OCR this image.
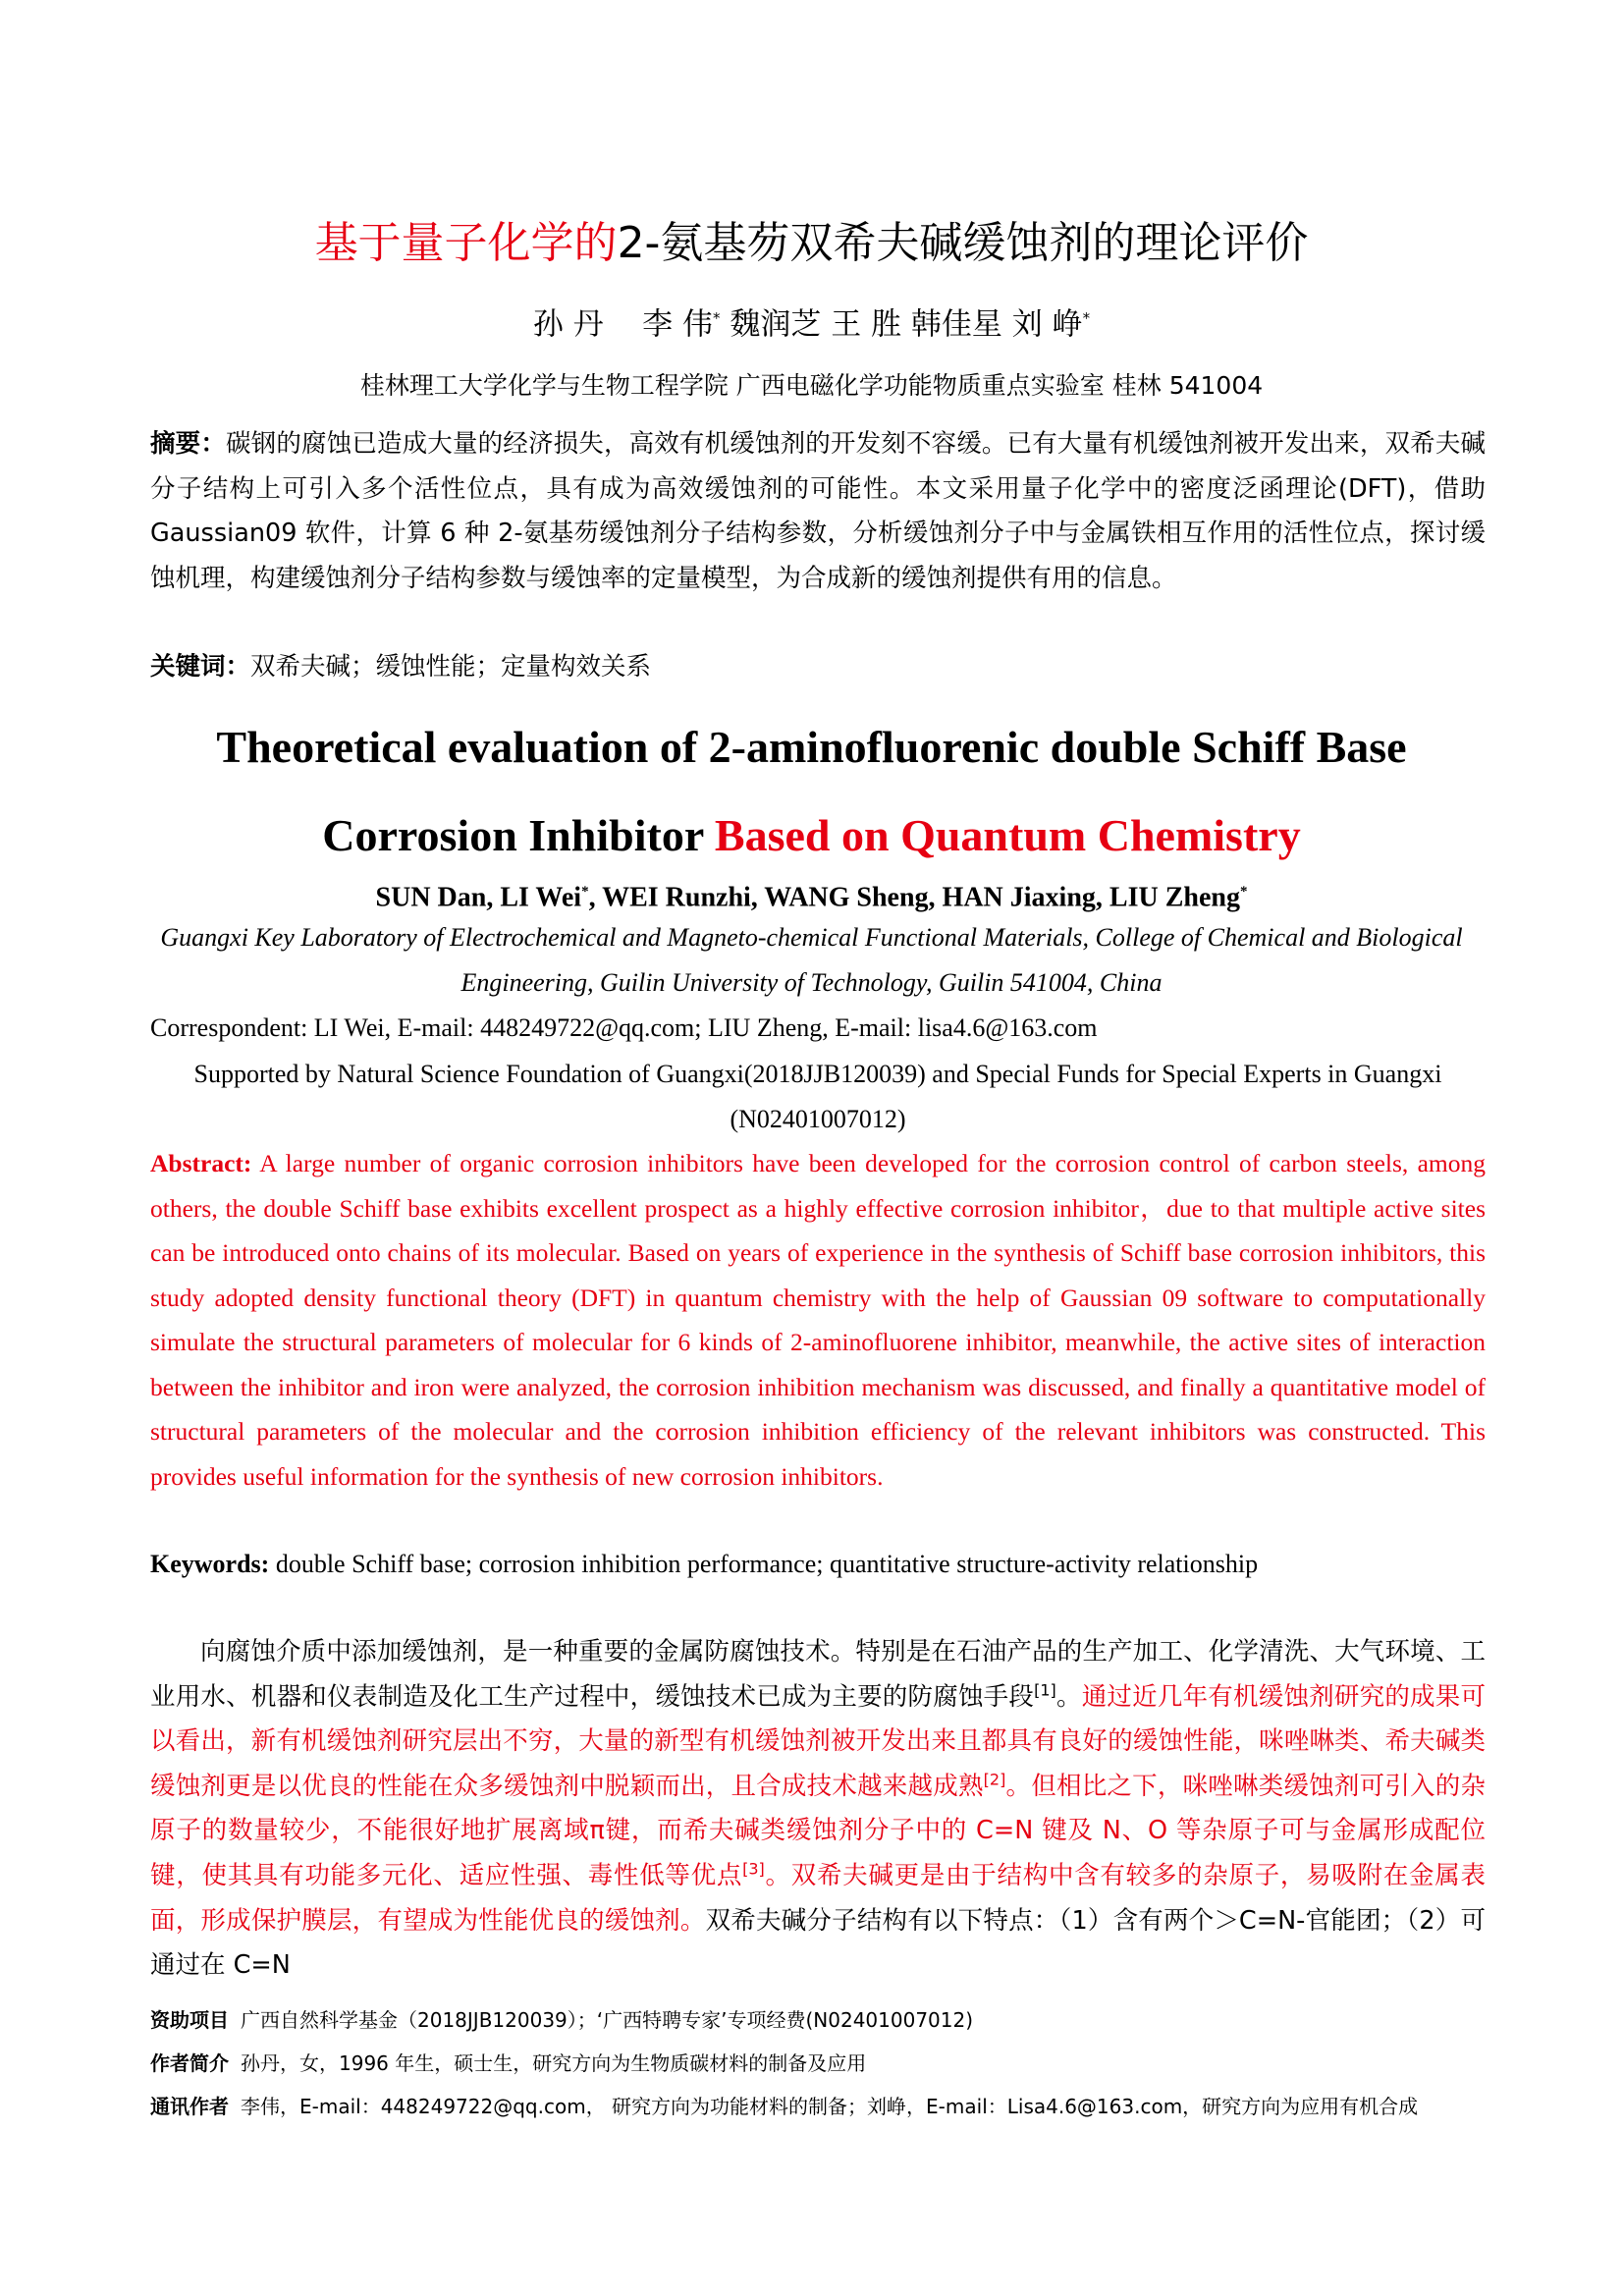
基于量子化学的2-氨基芴双希夫碱缓蚀剂的理论评价
孙 丹 李 伟* 魏润芝 王 胜 韩佳星 刘 峥*
桂林理工大学化学与生物工程学院 广西电磁化学功能物质重点实验室 桂林 541004
摘要：碳钢的腐蚀已造成大量的经济损失，高效有机缓蚀剂的开发刻不容缓。已有大量有机缓蚀剂被开发出来，双希夫碱分子结构上可引入多个活性位点，具有成为高效缓蚀剂的可能性。本文采用量子化学中的密度泛函理论(DFT)，借助 Gaussian09 软件，计算 6 种 2-氨基芴缓蚀剂分子结构参数，分析缓蚀剂分子中与金属铁相互作用的活性位点，探讨缓蚀机理，构建缓蚀剂分子结构参数与缓蚀率的定量模型，为合成新的缓蚀剂提供有用的信息。
关键词：双希夫碱；缓蚀性能；定量构效关系
Theoretical evaluation of 2-aminofluorenic double Schiff Base
Corrosion Inhibitor Based on Quantum Chemistry
SUN Dan, LI Wei*, WEI Runzhi, WANG Sheng, HAN Jiaxing, LIU Zheng*
Guangxi Key Laboratory of Electrochemical and Magneto-chemical Functional Materials, College of Chemical and Biological Engineering, Guilin University of Technology, Guilin 541004, China
Correspondent: LI Wei, E-mail: 448249722@qq.com; LIU Zheng, E-mail: lisa4.6@163.com
Supported by Natural Science Foundation of Guangxi(2018JJB120039) and Special Funds for Special Experts in Guangxi (N02401007012)
Abstract: A large number of organic corrosion inhibitors have been developed for the corrosion control of carbon steels, among others, the double Schiff base exhibits excellent prospect as a highly effective corrosion inhibitor，due to that multiple active sites can be introduced onto chains of its molecular. Based on years of experience in the synthesis of Schiff base corrosion inhibitors, this study adopted density functional theory (DFT) in quantum chemistry with the help of Gaussian 09 software to computationally simulate the structural parameters of molecular for 6 kinds of 2-aminofluorene inhibitor, meanwhile, the active sites of interaction between the inhibitor and iron were analyzed, the corrosion inhibition mechanism was discussed, and finally a quantitative model of structural parameters of the molecular and the corrosion inhibition efficiency of the relevant inhibitors was constructed. This provides useful information for the synthesis of new corrosion inhibitors.
Keywords: double Schiff base; corrosion inhibition performance; quantitative structure-activity relationship
向腐蚀介质中添加缓蚀剂，是一种重要的金属防腐蚀技术。特别是在石油产品的生产加工、化学清洗、大气环境、工业用水、机器和仪表制造及化工生产过程中，缓蚀技术已成为主要的防腐蚀手段[1]。通过近几年有机缓蚀剂研究的成果可以看出，新有机缓蚀剂研究层出不穷，大量的新型有机缓蚀剂被开发出来且都具有良好的缓蚀性能，咪唑啉类、希夫碱类缓蚀剂更是以优良的性能在众多缓蚀剂中脱颖而出，且合成技术越来越成熟[2]。但相比之下，咪唑啉类缓蚀剂可引入的杂原子的数量较少，不能很好地扩展离域π键，而希夫碱类缓蚀剂分子中的 C=N 键及 N、O 等杂原子可与金属形成配位键，使其具有功能多元化、适应性强、毒性低等优点[3]。双希夫碱更是由于结构中含有较多的杂原子，易吸附在金属表面，形成保护膜层，有望成为性能优良的缓蚀剂。双希夫碱分子结构有以下特点：（1）含有两个＞C=N-官能团；（2）可通过在 C=N
资助项目 广西自然科学基金（2018JJB120039）；‘广西特聘专家’专项经费(N02401007012)
作者简介 孙丹，女，1996 年生，硕士生，研究方向为生物质碳材料的制备及应用
通讯作者 李伟，E-mail：448249722@qq.com， 研究方向为功能材料的制备；刘峥，E-mail：Lisa4.6@163.com，研究方向为应用有机合成
